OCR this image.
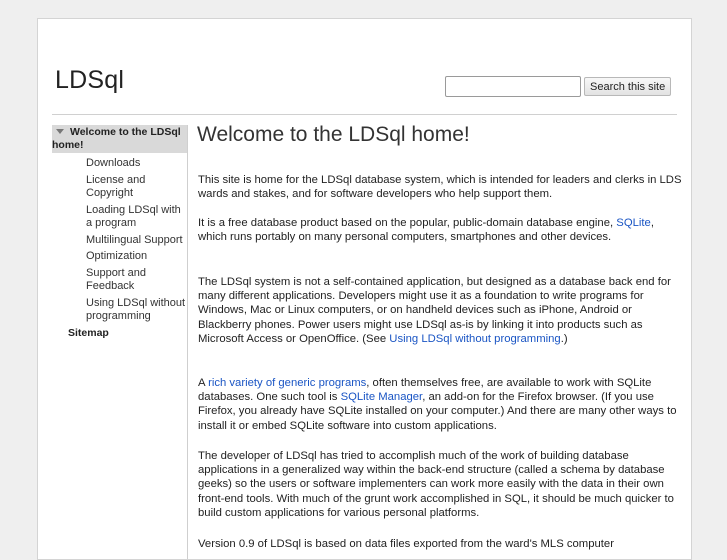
LDSql	Search this site
Welcome to the LDSql home!
Downloads
License and Copyright
Loading LDSql with a program
Multilingual Support
Optimization
Support and Feedback
Using LDSql without programming
Sitemap
Welcome to the LDSql home!

This site is home for the LDSql database system, which is intended for leaders and clerks in LDS wards and stakes, and for software developers who help support them.

It is a free database product based on the popular, public-domain database engine, SQLite, which runs portably on many personal computers, smartphones and other devices.

The LDSql system is not a self-contained application, but designed as a database back end for many different applications. Developers might use it as a foundation to write programs for Windows, Mac or Linux computers, or on handheld devices such as iPhone, Android or Blackberry phones. Power users might use LDSql as-is by linking it into products such as Microsoft Access or OpenOffice. (See Using LDSql without programming.)

A rich variety of generic programs, often themselves free, are available to work with SQLite databases. One such tool is SQLite Manager, an add-on for the Firefox browser. (If you use Firefox, you already have SQLite installed on your computer.) And there are many other ways to install it or embed SQLite software into custom applications.

The developer of LDSql has tried to accomplish much of the work of building database applications in a generalized way within the back-end structure (called a schema by database geeks) so the users or software implementers can work more easily with the data in their own front-end tools. With much of the grunt work accomplished in SQL, it should be much quicker to build custom applications for various personal platforms.

Version 0.9 of LDSql is based on data files exported from the ward's MLS computer
